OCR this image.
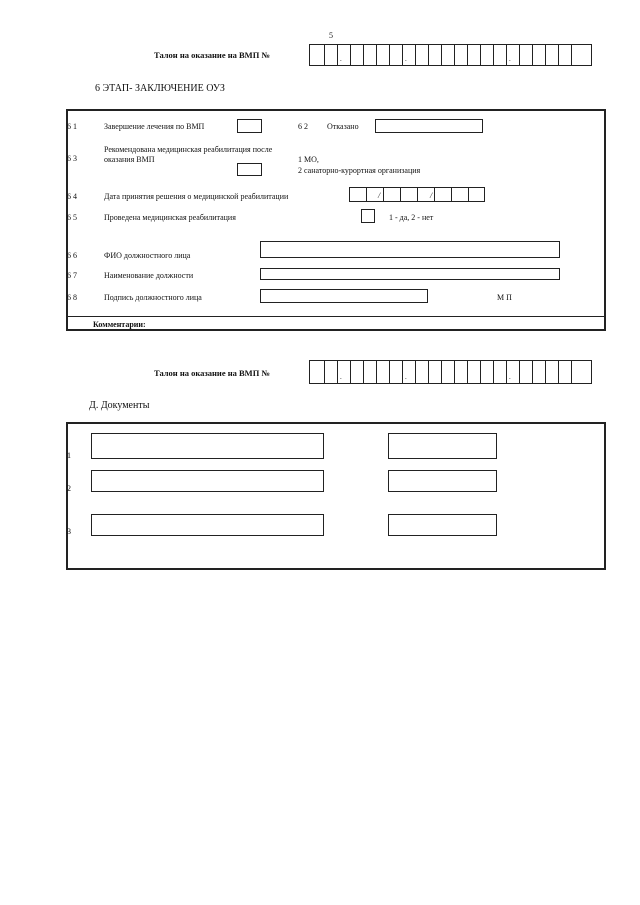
5
Талон на оказание на ВМП №	.	.	.
6 ЭТАП- ЗАКЛЮЧЕНИЕ ОУЗ
6 1	Завершение лечения по ВМП	6 2 Отказано
6 3
Рекомендована медицинская реабилитация после
оказания ВМП	1 МО,
2 санаторно-курортная организация
6 4	Дата принятия решения о медицинской реабилитации	/	/
6 5	Проведена медицинская реабилитация	1 - да, 2 - нет
6 6	ФИО должностного лица
6 7	Наименование должности
6 8	Подпись должностного лица	М П
Комментарии:
Талон на оказание на ВМП №	.	.	.
Д. Документы
1
2
3
